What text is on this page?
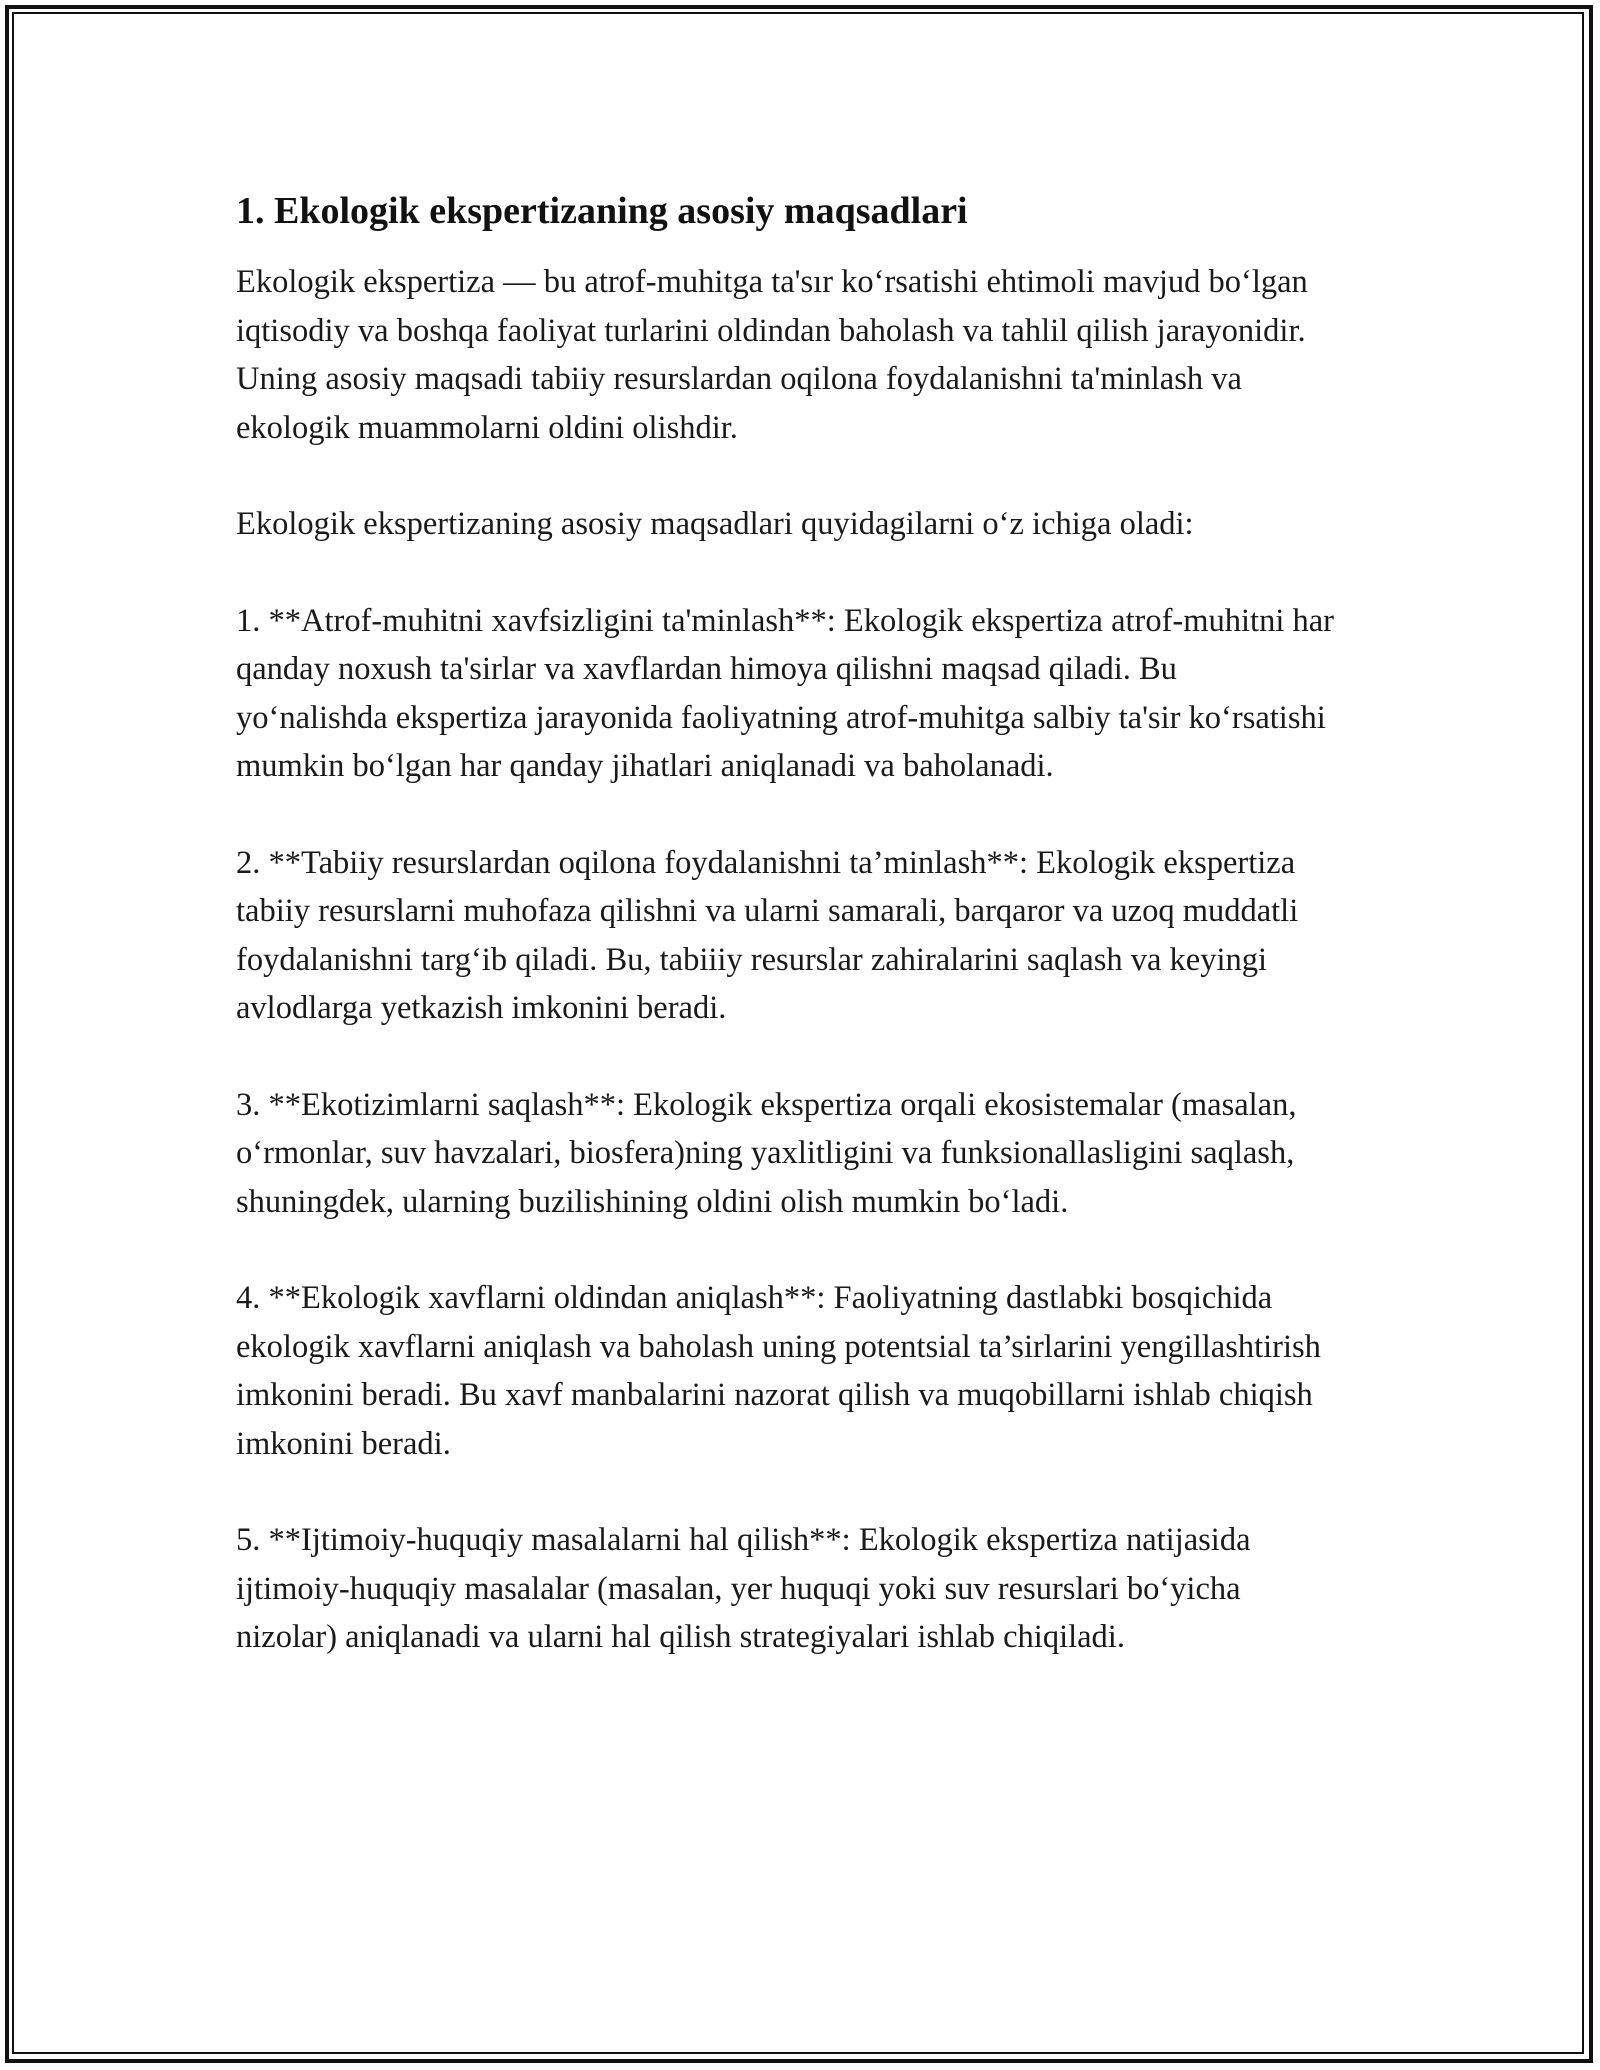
1. Ekologik ekspertizaning asosiy maqsadlari

Ekologik ekspertiza — bu atrof-muhitga ta'sır ko‘rsatishi ehtimoli mavjud bo‘lgan iqtisodiy va boshqa faoliyat turlarini oldindan baholash va tahlil qilish jarayonidir. Uning asosiy maqsadi tabiiy resurslardan oqilona foydalanishni ta'minlash va ekologik muammolarni oldini olishdir.

Ekologik ekspertizaning asosiy maqsadlari quyidagilarni o‘z ichiga oladi:

1. **Atrof-muhitni xavfsizligini ta'minlash**: Ekologik ekspertiza atrof-muhitni har qanday noxush ta'sirlar va xavflardan himoya qilishni maqsad qiladi. Bu yo‘nalishda ekspertiza jarayonida faoliyatning atrof-muhitga salbiy ta'sir ko‘rsatishi mumkin bo‘lgan har qanday jihatlari aniqlanadi va baholanadi.

2. **Tabiiy resurslardan oqilona foydalanishni ta’minlash**: Ekologik ekspertiza tabiiy resurslarni muhofaza qilishni va ularni samarali, barqaror va uzoq muddatli foydalanishni targ‘ib qiladi. Bu, tabiiiy resurslar zahiralarini saqlash va keyingi avlodlarga yetkazish imkonini beradi.

3. **Ekotizimlarni saqlash**: Ekologik ekspertiza orqali ekosistemalar (masalan, o‘rmonlar, suv havzalari, biosfera)ning yaxlitligini va funksionallasligini saqlash, shuningdek, ularning buzilishining oldini olish mumkin bo‘ladi.

4. **Ekologik xavflarni oldindan aniqlash**: Faoliyatning dastlabki bosqichida ekologik xavflarni aniqlash va baholash uning potentsial ta’sirlarini yengillashtirish imkonini beradi. Bu xavf manbalarini nazorat qilish va muqobillarni ishlab chiqish imkonini beradi.

5. **Ijtimoiy-huquqiy masalalarni hal qilish**: Ekologik ekspertiza natijasida ijtimoiy-huquqiy masalalar (masalan, yer huquqi yoki suv resurslari bo‘yicha nizolar) aniqlanadi va ularni hal qilish strategiyalari ishlab chiqiladi.
